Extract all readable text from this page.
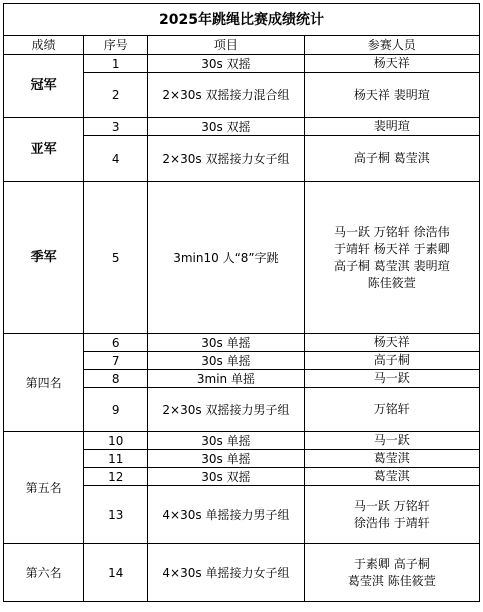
2025年跳绳比赛成绩统计			
成绩	序号	项目	参赛人员
冠军	1	30s 双摇	杨天祥

	2	2×30s 双摇接力混合组	杨天祥 裴明瑄

亚军	3	30s 双摇	裴明瑄

	4	2×30s 双摇接力女子组	高子桐 葛莹淇

季军	5	3min10 人“8”字跳	马一跃 万铭轩 徐浩伟
于靖轩 杨天祥 于素卿
高子桐 葛莹淇 裴明瑄
陈佳筱萱

第四名	6	30s 单摇	杨天祥

	7	30s 单摇	高子桐

	8	3min 单摇	马一跃

	9	2×30s 双摇接力男子组	万铭轩

第五名	10	30s 单摇	马一跃

	11	30s 单摇	葛莹淇

	12	30s 双摇	葛莹淇

	13	4×30s 单摇接力男子组	马一跃 万铭轩
徐浩伟 于靖轩

第六名	14	4×30s 单摇接力女子组	于素卿 高子桐
葛莹淇 陈佳筱萱
